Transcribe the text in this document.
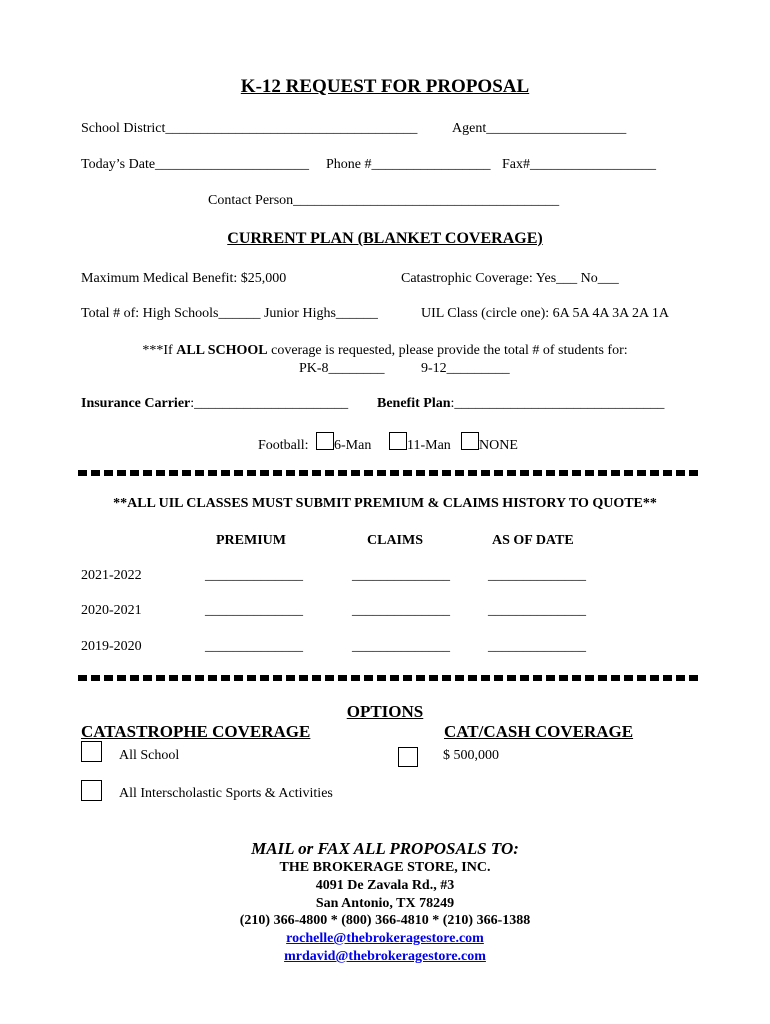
K-12 REQUEST FOR PROPOSAL
School District____________________________________ Agent____________________
Today’s Date______________________ Phone #_________________ Fax#__________________
Contact Person______________________________________
CURRENT PLAN (BLANKET COVERAGE)
Maximum Medical Benefit: $25,000	Catastrophic Coverage: Yes___ No___
Total # of: High Schools______ Junior Highs______	UIL Class (circle one): 6A 5A 4A 3A 2A 1A
***If ALL SCHOOL coverage is requested, please provide the total # of students for:
PK-8________	9-12_________
Insurance Carrier:______________________ Benefit Plan:______________________________
Football: 6-Man	11-Man NONE
**ALL UIL CLASSES MUST SUBMIT PREMIUM & CLAIMS HISTORY TO QUOTE**
PREMIUM	CLAIMS	AS OF DATE
2021-2022	______________	______________	______________
2020-2021	______________	______________	______________
2019-2020	______________	______________	______________
OPTIONS
CATASTROPHE COVERAGE	CAT/CASH COVERAGE
All School	$ 500,000
All Interscholastic Sports & Activities
MAIL or FAX ALL PROPOSALS TO:
THE BROKERAGE STORE, INC.
4091 De Zavala Rd., #3
San Antonio, TX 78249
(210) 366-4800 * (800) 366-4810 * (210) 366-1388
rochelle@thebrokeragestore.com
mrdavid@thebrokeragestore.com
